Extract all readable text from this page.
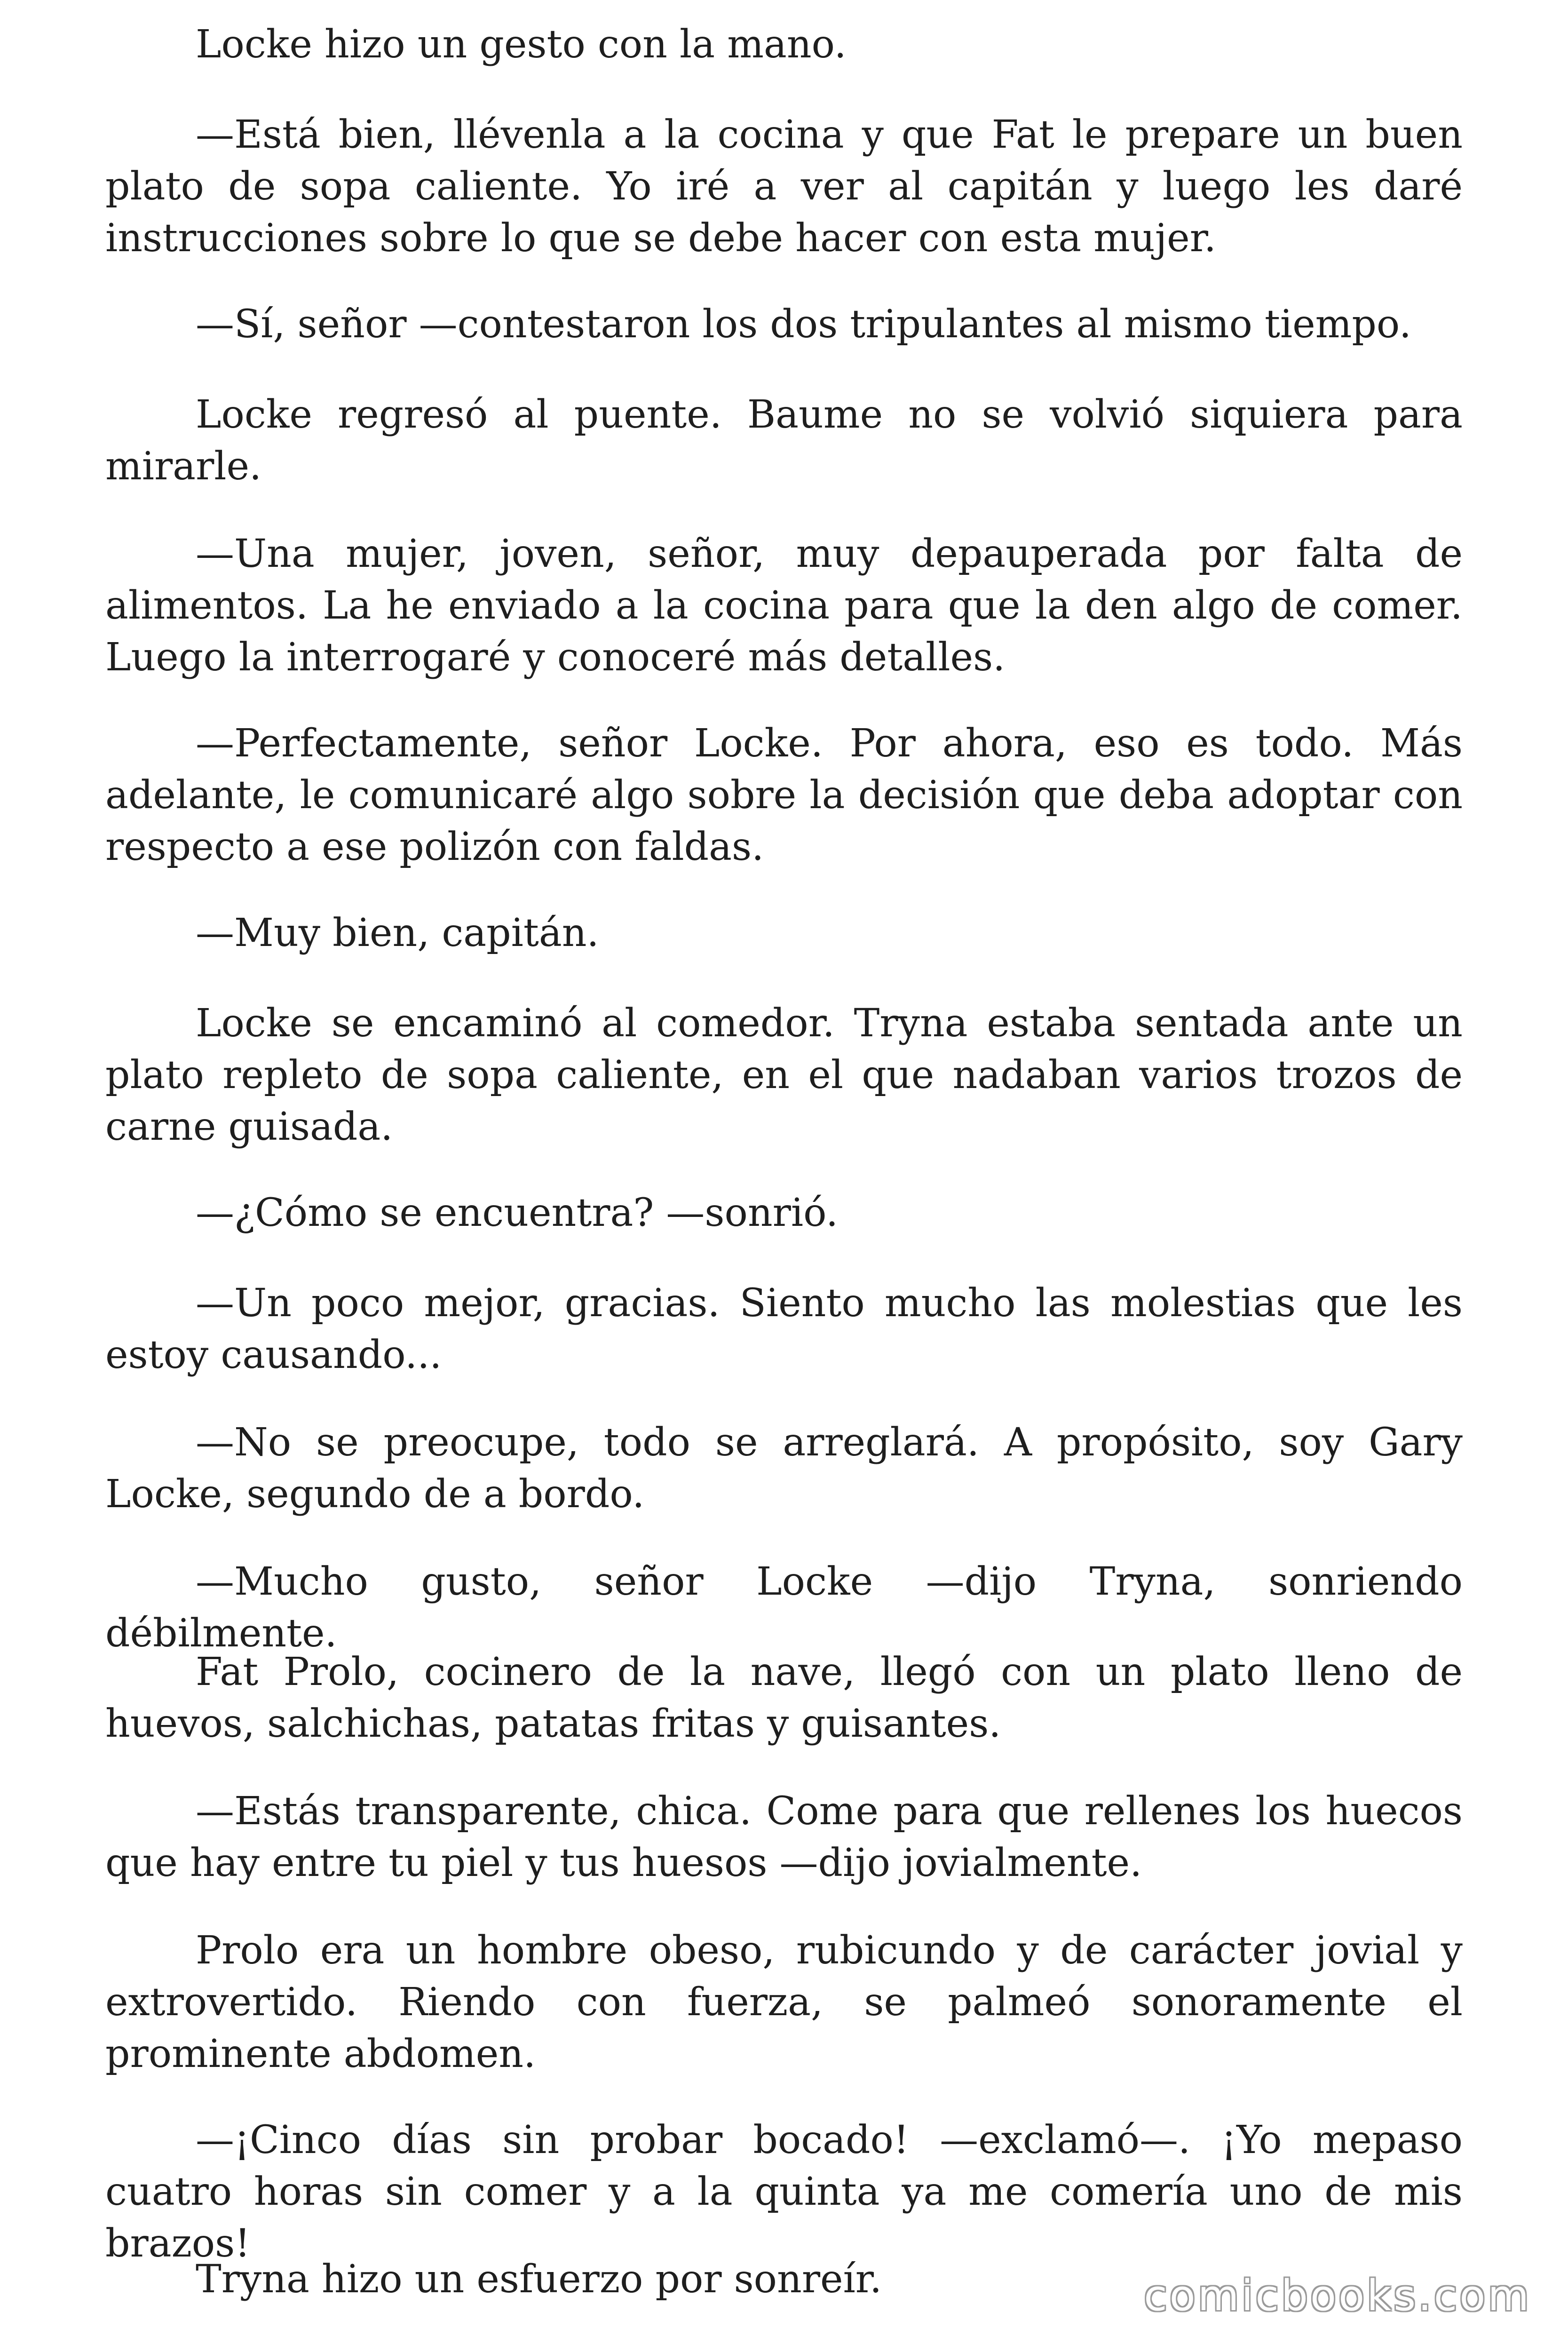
Locke hizo un gesto con la mano.

—Está bien, llévenla a la cocina y que Fat le prepare un buen plato de sopa caliente. Yo iré a ver al capitán y luego les daré instrucciones sobre lo que se debe hacer con esta mujer.

—Sí, señor —contestaron los dos tripulantes al mismo tiempo.

Locke regresó al puente. Baume no se volvió siquiera para mirarle.

—Una mujer, joven, señor, muy depauperada por falta de alimentos. La he enviado a la cocina para que la den algo de comer. Luego la interrogaré y conoceré más detalles.

—Perfectamente, señor Locke. Por ahora, eso es todo. Más adelante, le comunicaré algo sobre la decisión que deba adoptar con respecto a ese polizón con faldas.

—Muy bien, capitán.

Locke se encaminó al comedor. Tryna estaba sentada ante un plato repleto de sopa caliente, en el que nadaban varios trozos de carne guisada.

—¿Cómo se encuentra? —sonrió.

—Un poco mejor, gracias. Siento mucho las molestias que les estoy causando...

—No se preocupe, todo se arreglará. A propósito, soy Gary Locke, segundo de a bordo.

—Mucho gusto, señor Locke —dijo Tryna, sonriendo débilmente.

Fat Prolo, cocinero de la nave, llegó con un plato lleno de huevos, salchichas, patatas fritas y guisantes.

—Estás transparente, chica. Come para que rellenes los huecos que hay entre tu piel y tus huesos —dijo jovialmente.

Prolo era un hombre obeso, rubicundo y de carácter jovial y extrovertido. Riendo con fuerza, se palmeó sonoramente el prominente abdomen.

—¡Cinco días sin probar bocado! —exclamó—. ¡Yo mepaso cuatro horas sin comer y a la quinta ya me comería uno de mis brazos!

Tryna hizo un esfuerzo por sonreír.	comicbooks.com
